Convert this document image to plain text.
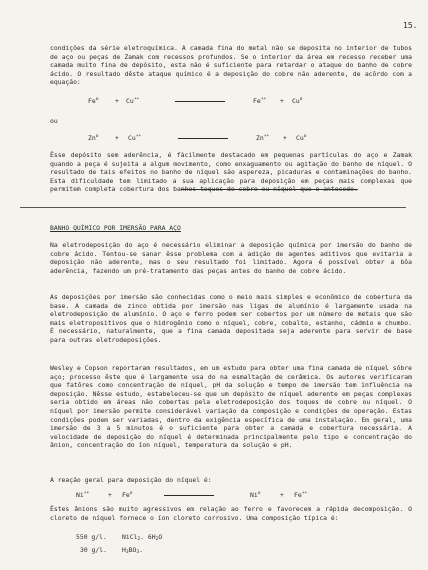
15.

condições da série eletroquímica. A camada fina do metal não se deposita no interior de tubos de aço ou peças de Zamak com recessos profundos. Se o interior da área em recesso receber uma camada muito fina de depósito, esta não é suficiente para retardar o ataque do banho de cobre ácido. O resultado dêste ataque químico é a deposição do cobre não aderente, de acôrdo com a equação:

$Fe^o$	+ Cu++	$Fe^{++} + Cu^o$
ou
$Zn^o$	+ Cu++	$Zn^{++} + Cu^o$

Êsse depósito sem aderência, é fàcilmente destacado em pequenas partículas do aço e Zamak quando a peça é sujeita a algum movimento, como enxaguamento ou agitação do banho de níquel. O resultado de tais efeitos no banho de níquel são aspereza, picaduras e contaminações do banho. Esta dificuldade tem limitado a sua aplicação para deposição em peças mais complexas que permitem completa cobertura dos banhos toques de cobre ou níquel que o antecede.

BANHO QUÍMICO POR IMERSÃO PARA AÇO

Na eletrodeposição do aço é necessário eliminar a deposição química por imersão do banho de cobre ácido. Tentou-se sanar êsse problema com a adição de agentes aditivos que evitaria a deposição não aderente, mas o seu resultado foi limitado. Agora é possível obter a bôa aderência, fazendo um pré-tratamento das peças antes do banho de cobre ácido.

As deposições por imersão são conhecidas como o meio mais simples e econômico de cobertura da base. A camada de zinco obtida por imersão nas ligas de alumínio é largamente usada na eletrodeposição de alumínio. O aço e ferro podem ser cobertos por um número de metais que são mais eletropositivos que o hidrogênio como o níquel, cobre, cobalto, estanho, cádmio e chumbo. É necessário, naturalmente, que a fina camada depositada seja aderente para servir de base para outras eletrodeposições.

Wesley e Copson reportaram resultados, em um estudo para obter uma fina camada de níquel sôbre aço; processo êste que é largamente usa do na esmaltação de cerâmica. Os autores verificaram que fatôres como concentração de níquel, pH da solução e tempo de imersão tem influência na deposição. Nêsse estudo, estabeleceu-se que um depósito de níquel aderente em peças complexas seria obtido em áreas não cobertas pela eletrodeposição dos toques de cobre ou níquel. O níquel por imersão permite considerável variação da composição e condições de operação. Estas condições podem ser variadas, dentro da exigência específica de uma instalação. Em geral, uma imersão de 3 a 5 minutos é o suficiente para obter a camada e cobertura necessária. A velocidade de deposição do níquel é determinada principalmente pelo tipo e concentração do ânion, concentração do íon níquel, temperatura da solução e pH.

A reação geral para deposição do níquel é:

Ni++	+ $Fe^o$	$Ni^o$	+ Fe++

Êstes ânions são muito agressivos em relação ao ferro e favorecem a rápida decomposição. O cloreto de níquel fornece o íon cloreto corrosivo. Uma composição típica é:

550 g/l. NiCl$_2$. $6H_2O$
30 g/l. $H_3BO_3$.
